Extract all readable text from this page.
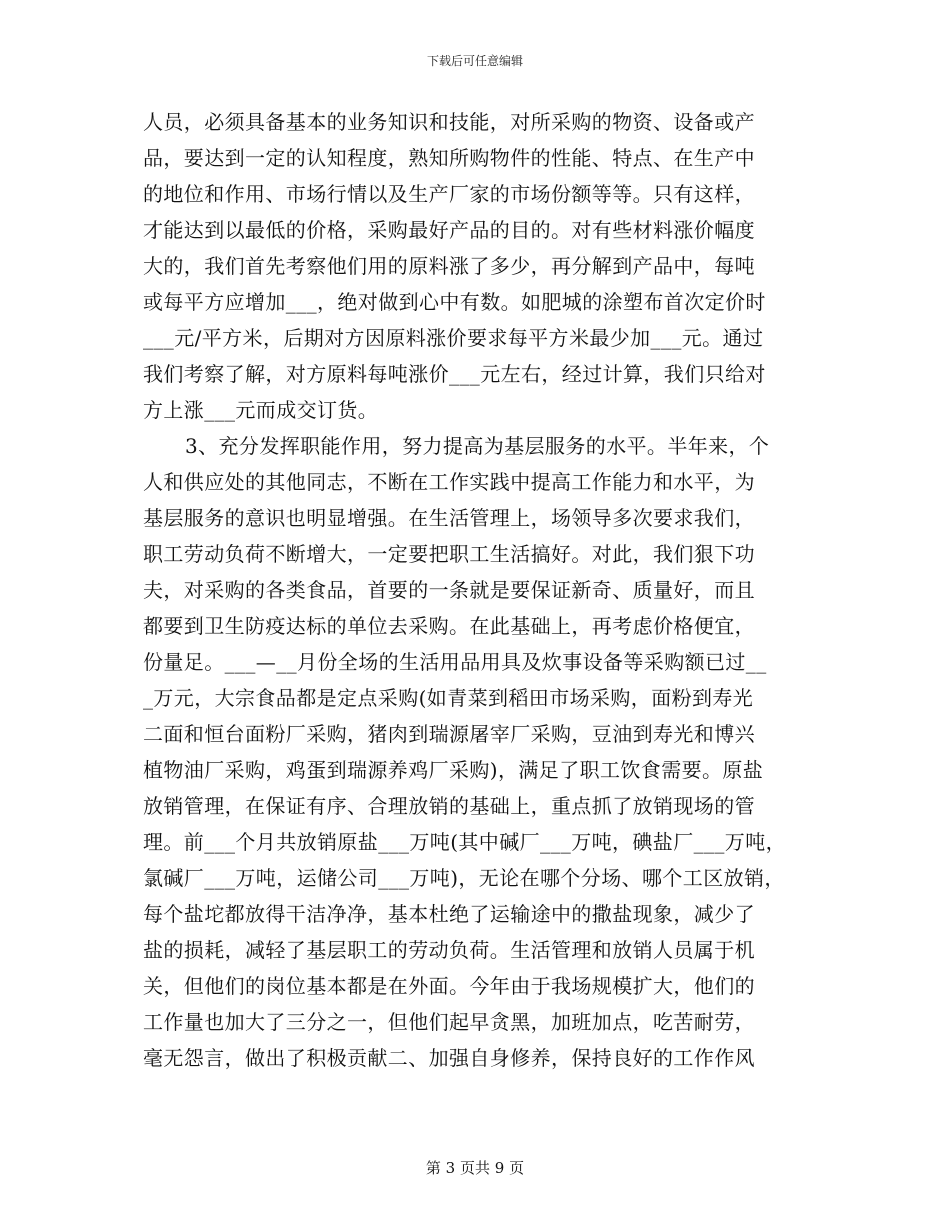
下载后可任意编辑
人员，必须具备基本的业务知识和技能，对所采购的物资、设备或产
品，要达到一定的认知程度，熟知所购物件的性能、特点、在生产中
的地位和作用、市场行情以及生产厂家的市场份额等等。只有这样，
才能达到以最低的价格，采购最好产品的目的。对有些材料涨价幅度
大的，我们首先考察他们用的原料涨了多少，再分解到产品中，每吨
或每平方应增加___，绝对做到心中有数。如肥城的涂塑布首次定价时
___元/平方米，后期对方因原料涨价要求每平方米最少加___元。通过
我们考察了解，对方原料每吨涨价___元左右，经过计算，我们只给对
方上涨___元而成交订货。
3、充分发挥职能作用，努力提高为基层服务的水平。半年来，个
人和供应处的其他同志，不断在工作实践中提高工作能力和水平，为
基层服务的意识也明显增强。在生活管理上，场领导多次要求我们，
职工劳动负荷不断增大，一定要把职工生活搞好。对此，我们狠下功
夫，对采购的各类食品，首要的一条就是要保证新奇、质量好，而且
都要到卫生防疫达标的单位去采购。在此基础上，再考虑价格便宜，
份量足。___—__月份全场的生活用品用具及炊事设备等采购额已过__
_万元，大宗食品都是定点采购(如青菜到稻田市场采购，面粉到寿光
二面和恒台面粉厂采购，猪肉到瑞源屠宰厂采购，豆油到寿光和博兴
植物油厂采购，鸡蛋到瑞源养鸡厂采购)，满足了职工饮食需要。原盐
放销管理，在保证有序、合理放销的基础上，重点抓了放销现场的管
理。前___个月共放销原盐___万吨(其中碱厂___万吨，碘盐厂___万吨，
氯碱厂___万吨，运储公司___万吨)，无论在哪个分场、哪个工区放销，
每个盐坨都放得干洁净净，基本杜绝了运输途中的撒盐现象，减少了
盐的损耗，减轻了基层职工的劳动负荷。生活管理和放销人员属于机
关，但他们的岗位基本都是在外面。今年由于我场规模扩大，他们的
工作量也加大了三分之一，但他们起早贪黑，加班加点，吃苦耐劳，
毫无怨言，做出了积极贡献二、加强自身修养，保持良好的工作作风
第 3 页共 9 页
